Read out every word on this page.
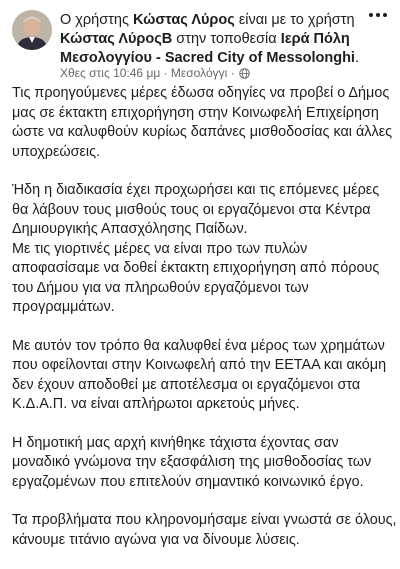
Ο χρήστης Κώστας Λύρος είναι με το χρήστη
Κώστας ΛύροςΒ στην τοποθεσία Ιερά Πόλη
Μεσολογγίου - Sacred City of Messolonghi.
Χθες στις 10:46 μμ · Μεσολόγγι ·

Τις προηγούμενες μέρες έδωσα οδηγίες να προβεί ο Δήμος
μας σε έκτακτη επιχορήγηση στην Κοινωφελή Επιχείρηση
ώστε να καλυφθούν κυρίως δαπάνες μισθοδοσίας και άλλες
υποχρεώσεις.

Ήδη η διαδικασία έχει προχωρήσει και τις επόμενες μέρες
θα λάβουν τους μισθούς τους οι εργαζόμενοι στα Κέντρα
Δημιουργικής Απασχόλησης Παίδων.
Με τις γιορτινές μέρες να είναι προ των πυλών
αποφασίσαμε να δοθεί έκτακτη επιχορήγηση από πόρους
του Δήμου για να πληρωθούν εργαζόμενοι των
προγραμμάτων.

Με αυτόν τον τρόπο θα καλυφθεί ένα μέρος των χρημάτων
που οφείλονται στην Κοινωφελή από την ΕΕΤΑΑ και ακόμη
δεν έχουν αποδοθεί με αποτέλεσμα οι εργαζόμενοι στα
Κ.Δ.Α.Π. να είναι απλήρωτοι αρκετούς μήνες.

Η δημοτική μας αρχή κινήθηκε τάχιστα έχοντας σαν
μοναδικό γνώμονα την εξασφάλιση της μισθοδοσίας των
εργαζομένων που επιτελούν σημαντικό κοινωνικό έργο.

Τα προβλήματα που κληρονομήσαμε είναι γνωστά σε όλους,
κάνουμε τιτάνιο αγώνα για να δίνουμε λύσεις.
